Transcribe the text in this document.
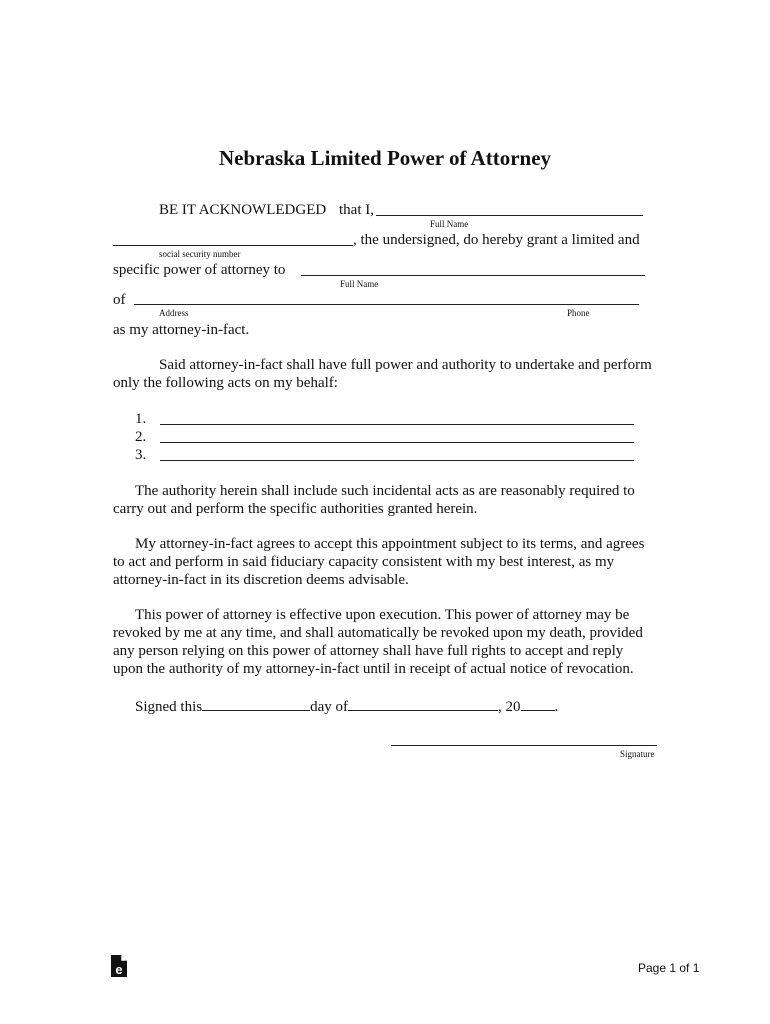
Nebraska Limited Power of Attorney
BE IT ACKNOWLEDGED that I,
Full Name
, the undersigned, do hereby grant a limited and
social security number
specific power of attorney to
Full Name
of
Address	Phone
as my attorney-in-fact.
Said attorney-in-fact shall have full power and authority to undertake and perform only the following acts on my behalf:
1.
2.
3.
The authority herein shall include such incidental acts as are reasonably required to carry out and perform the specific authorities granted herein.
My attorney-in-fact agrees to accept this appointment subject to its terms, and agrees to act and perform in said fiduciary capacity consistent with my best interest, as my attorney-in-fact in its discretion deems advisable.
This power of attorney is effective upon execution. This power of attorney may be revoked by me at any time, and shall automatically be revoked upon my death, provided any person relying on this power of attorney shall have full rights to accept and reply upon the authority of my attorney-in-fact until in receipt of actual notice of revocation.
Signed this	day of	, 20 .
Signature
e	Page 1 of 1
